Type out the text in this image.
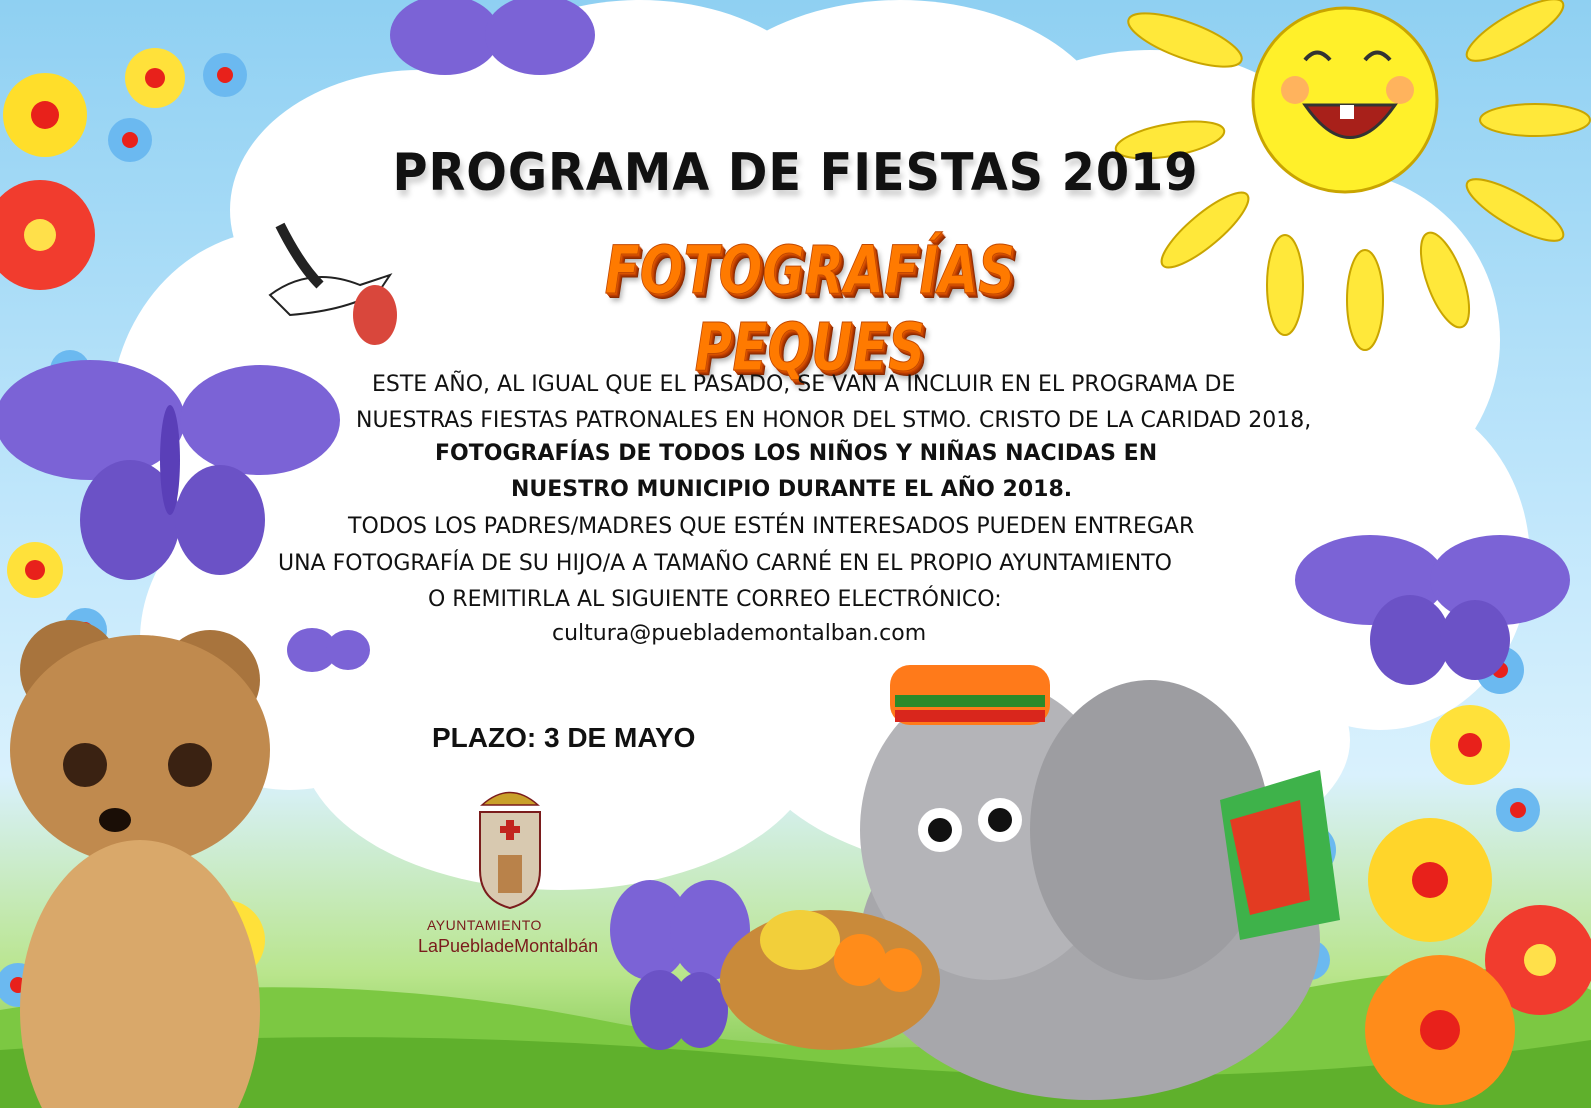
PROGRAMA DE FIESTAS 2019
FOTOGRAFÍAS PEQUES
ESTE AÑO, AL IGUAL QUE EL PASADO, SE VAN A INCLUIR EN EL PROGRAMA DE
NUESTRAS FIESTAS PATRONALES EN HONOR DEL STMO. CRISTO DE LA CARIDAD 2018,
FOTOGRAFÍAS DE TODOS LOS NIÑOS Y NIÑAS NACIDAS EN
NUESTRO MUNICIPIO DURANTE EL AÑO 2018.
TODOS LOS PADRES/MADRES QUE ESTÉN INTERESADOS PUEDEN ENTREGAR
UNA FOTOGRAFÍA DE SU HIJO/A A TAMAÑO CARNÉ EN EL PROPIO AYUNTAMIENTO
O REMITIRLA AL SIGUIENTE CORREO ELECTRÓNICO:
cultura@pueblademontalban.com
PLAZO: 3 DE MAYO
AYUNTAMIENTO
LaPuebladeMontalbán
